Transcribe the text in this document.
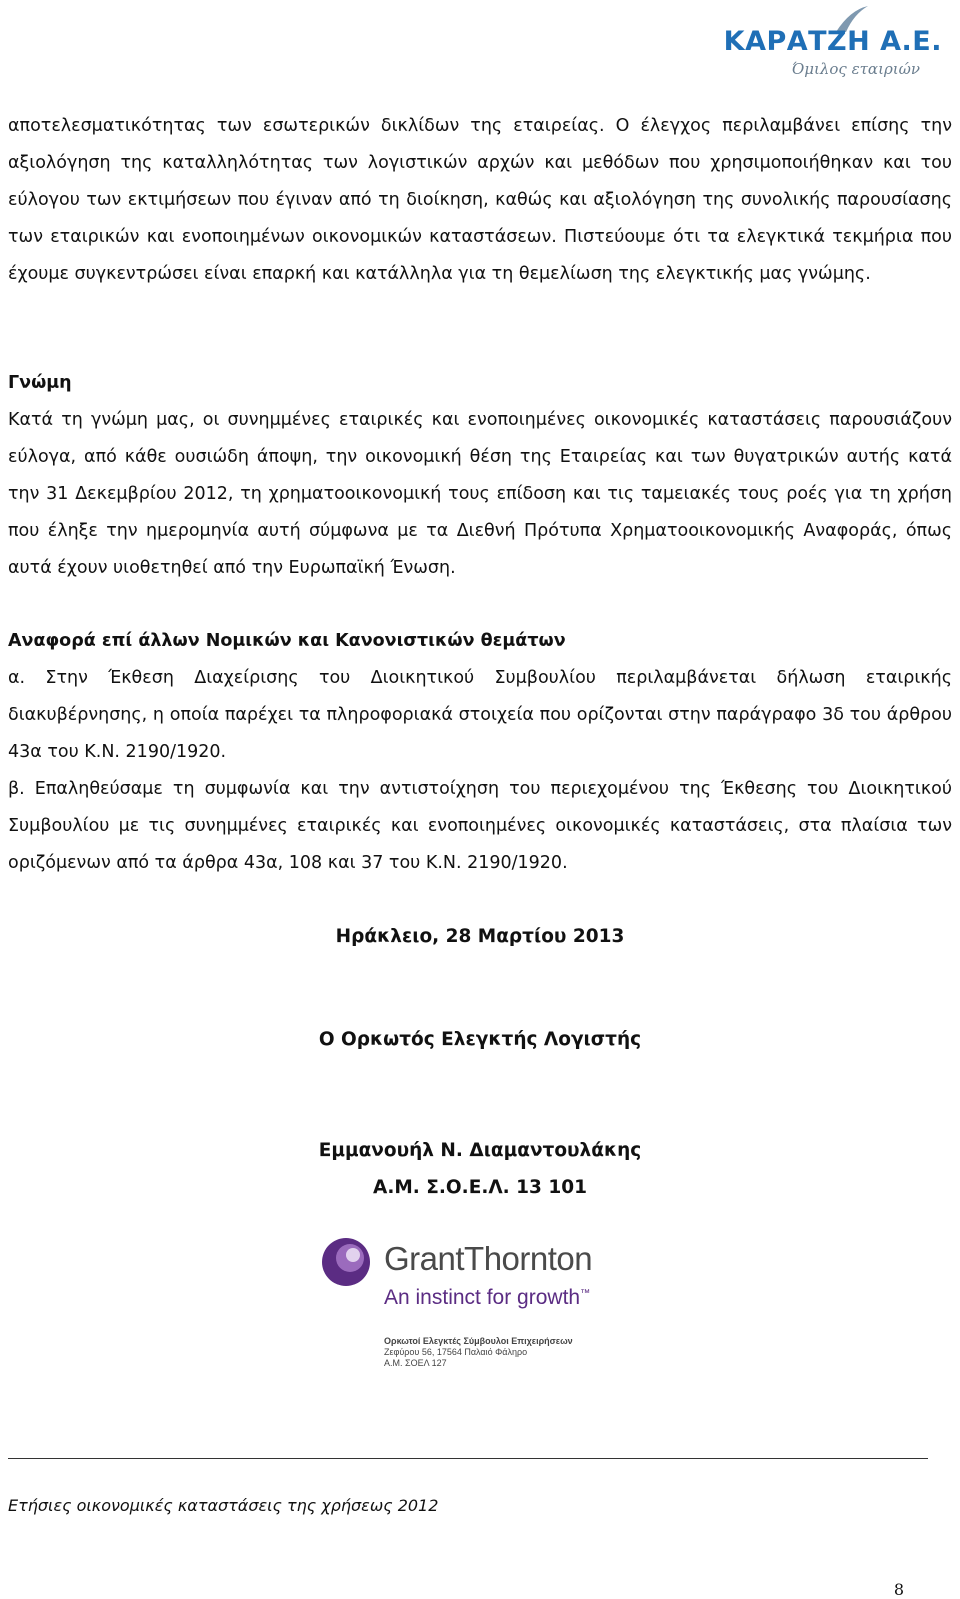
ΚΑΡΑΤΖΗ Α.Ε.
Όμιλος εταιριών

αποτελεσματικότητας των εσωτερικών δικλίδων της εταιρείας. Ο έλεγχος περιλαμβάνει επίσης την αξιολόγηση της καταλληλότητας των λογιστικών αρχών και μεθόδων που χρησιμοποιήθηκαν και του εύλογου των εκτιμήσεων που έγιναν από τη διοίκηση, καθώς και αξιολόγηση της συνολικής παρουσίασης των εταιρικών και ενοποιημένων οικονομικών καταστάσεων. Πιστεύουμε ότι τα ελεγκτικά τεκμήρια που έχουμε συγκεντρώσει είναι επαρκή και κατάλληλα για τη θεμελίωση της ελεγκτικής μας γνώμης.

Γνώμη

Κατά τη γνώμη μας, οι συνημμένες εταιρικές και ενοποιημένες οικονομικές καταστάσεις παρουσιάζουν εύλογα, από κάθε ουσιώδη άποψη, την οικονομική θέση της Εταιρείας και των θυγατρικών αυτής κατά την 31 Δεκεμβρίου 2012, τη χρηματοοικονομική τους επίδοση και τις ταμειακές τους ροές για τη χρήση που έληξε την ημερομηνία αυτή σύμφωνα με τα Διεθνή Πρότυπα Χρηματοοικονομικής Αναφοράς, όπως αυτά έχουν υιοθετηθεί από την Ευρωπαϊκή Ένωση.

Αναφορά επί άλλων Νομικών και Κανονιστικών θεμάτων

α. Στην Έκθεση Διαχείρισης του Διοικητικού Συμβουλίου περιλαμβάνεται δήλωση εταιρικής διακυβέρνησης, η οποία παρέχει τα πληροφοριακά στοιχεία που ορίζονται στην παράγραφο 3δ του άρθρου 43α του Κ.Ν. 2190/1920.

β. Επαληθεύσαμε τη συμφωνία και την αντιστοίχηση του περιεχομένου της Έκθεσης του Διοικητικού Συμβουλίου με τις συνημμένες εταιρικές και ενοποιημένες οικονομικές καταστάσεις, στα πλαίσια των οριζόμενων από τα άρθρα 43α, 108 και 37 του Κ.Ν. 2190/1920.

Ηράκλειο, 28 Μαρτίου 2013
Ο Ορκωτός Ελεγκτής Λογιστής
Εμμανουήλ Ν. Διαμαντουλάκης
Α.Μ. Σ.Ο.Ε.Λ. 13 101
GrantThornton
An instinct for growth™
Ορκωτοί Ελεγκτές Σύμβουλοι Επιχειρήσεων
Ζεφύρου 56, 17564 Παλαιό Φάληρο
Α.Μ. ΣΟΕΛ 127
Ετήσιες οικονομικές καταστάσεις της χρήσεως 2012
8
